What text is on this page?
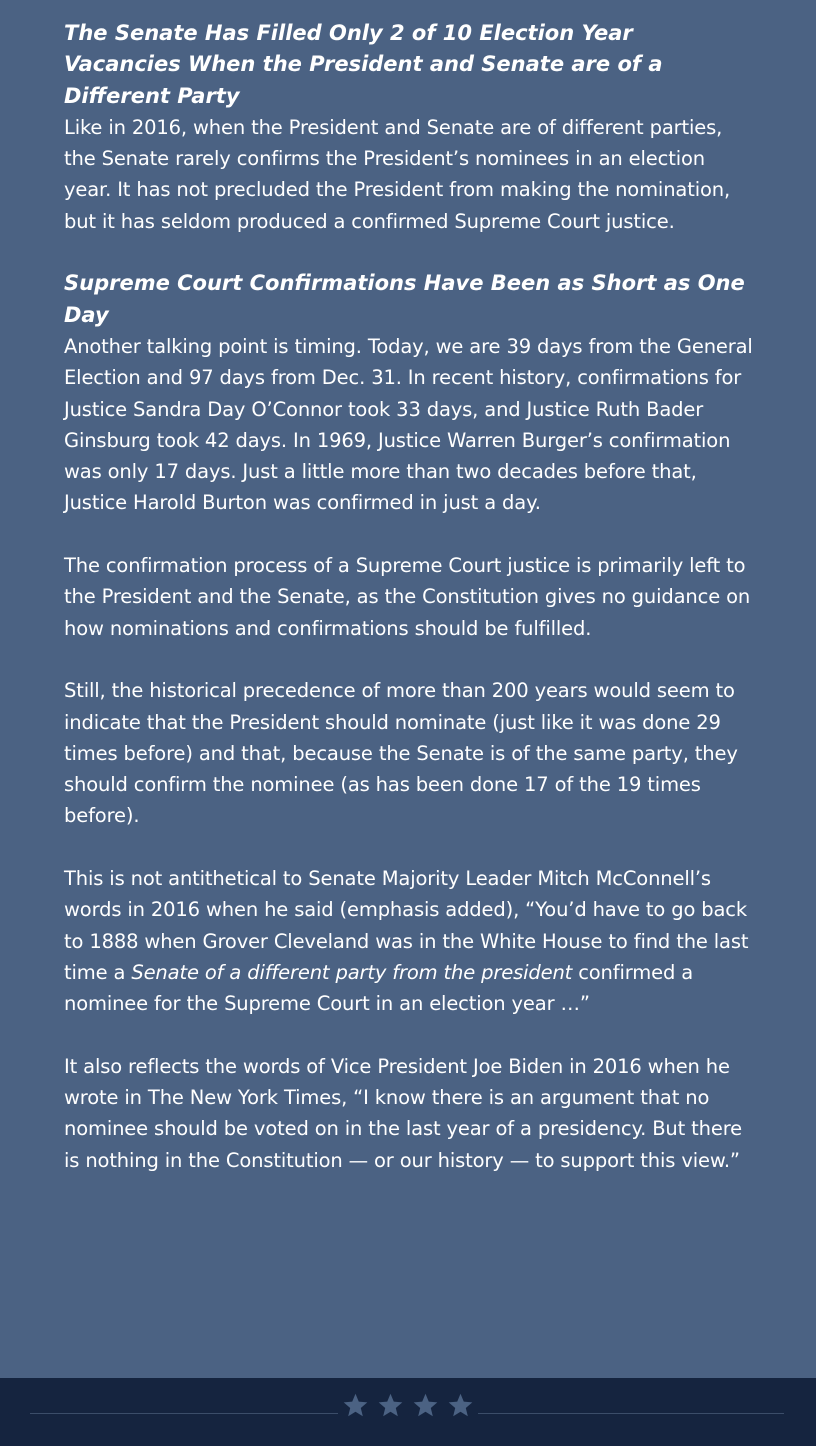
The Senate Has Filled Only 2 of 10 Election Year Vacancies When the President and Senate are of a Different Party

Like in 2016, when the President and Senate are of different parties, the Senate rarely confirms the President’s nominees in an election year. It has not precluded the President from making the nomination, but it has seldom produced a confirmed Supreme Court justice.

Supreme Court Confirmations Have Been as Short as One Day

Another talking point is timing. Today, we are 39 days from the General Election and 97 days from Dec. 31. In recent history, confirmations for Justice Sandra Day O’Connor took 33 days, and Justice Ruth Bader Ginsburg took 42 days. In 1969, Justice Warren Burger’s confirmation was only 17 days. Just a little more than two decades before that, Justice Harold Burton was confirmed in just a day.

The confirmation process of a Supreme Court justice is primarily left to the President and the Senate, as the Constitution gives no guidance on how nominations and confirmations should be fulfilled.

Still, the historical precedence of more than 200 years would seem to indicate that the President should nominate (just like it was done 29 times before) and that, because the Senate is of the same party, they should confirm the nominee (as has been done 17 of the 19 times before).

This is not antithetical to Senate Majority Leader Mitch McConnell’s words in 2016 when he said (emphasis added), “You’d have to go back to 1888 when Grover Cleveland was in the White House to find the last time a Senate of a different party from the president confirmed a nominee for the Supreme Court in an election year …”

It also reflects the words of Vice President Joe Biden in 2016 when he wrote in The New York Times, “I know there is an argument that no nominee should be voted on in the last year of a presidency. But there is nothing in the Constitution — or our history — to support this view.”
